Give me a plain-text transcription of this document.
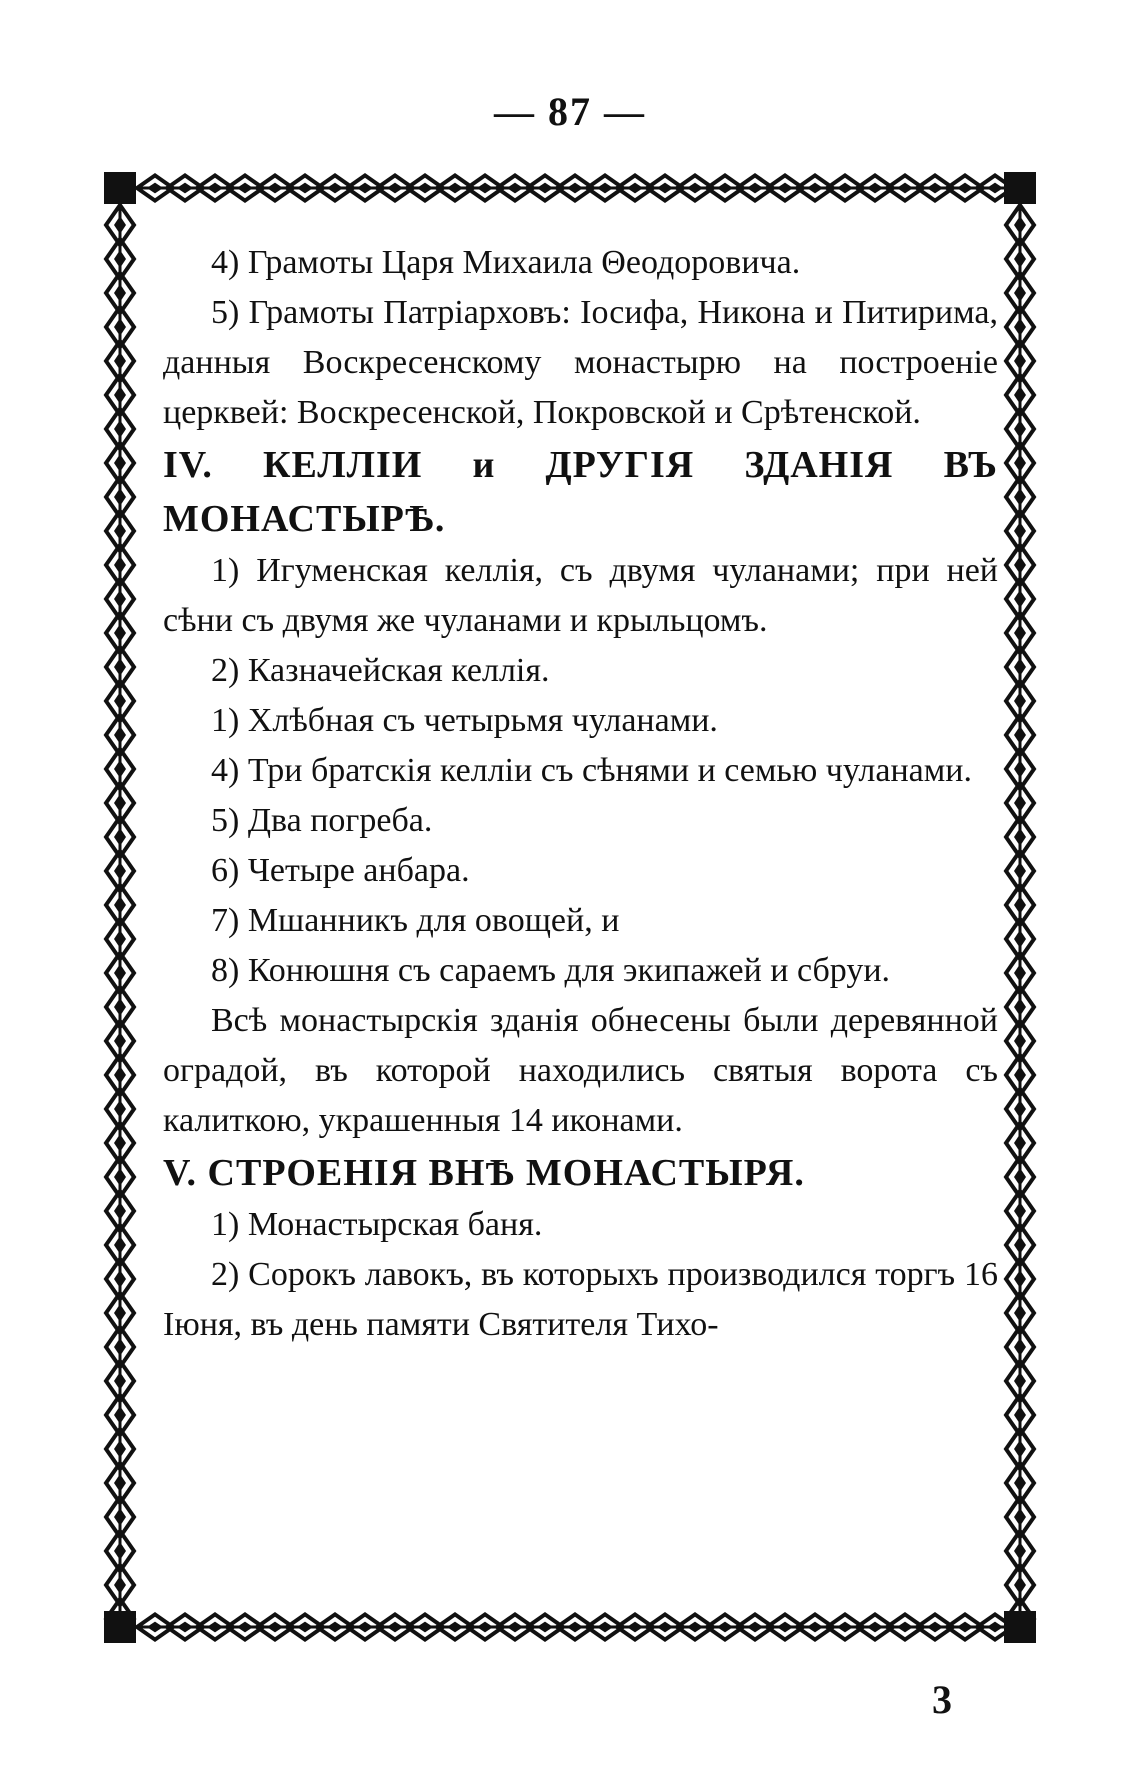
— 87 —

4) Грамоты Царя Михаила Θеодоровича.

5) Грамоты Патріарховъ: Іосифа, Никона и Питирима, данныя Воскресенскому монастырю на построеніе церквей: Воскресенской, Покровской и Срѣтенской.

IV. КЕЛЛІИ и ДРУГІЯ ЗДАНІЯ ВЪ МОНАСТЫРѢ.

1) Игуменская келлія, съ двумя чуланами; при ней сѣни съ двумя же чуланами и крыльцомъ.

2) Казначейская келлія.

1) Хлѣбная съ четырьмя чуланами.

4) Три братскія келліи съ сѣнями и семью чуланами.

5) Два погреба.

6) Четыре анбара.

7) Мшанникъ для овощей, и

8) Конюшня съ сараемъ для экипажей и сбруи.

Всѣ монастырскія зданія обнесены были деревянной оградой, въ которой находились святыя ворота съ калиткою, украшенныя 14 иконами.

V. СТРОЕНІЯ ВНѢ МОНАСТЫРЯ.

1) Монастырская баня.

2) Сорокъ лавокъ, въ которыхъ производился торгъ 16 Іюня, въ день памяти Святителя Тихо-

3
